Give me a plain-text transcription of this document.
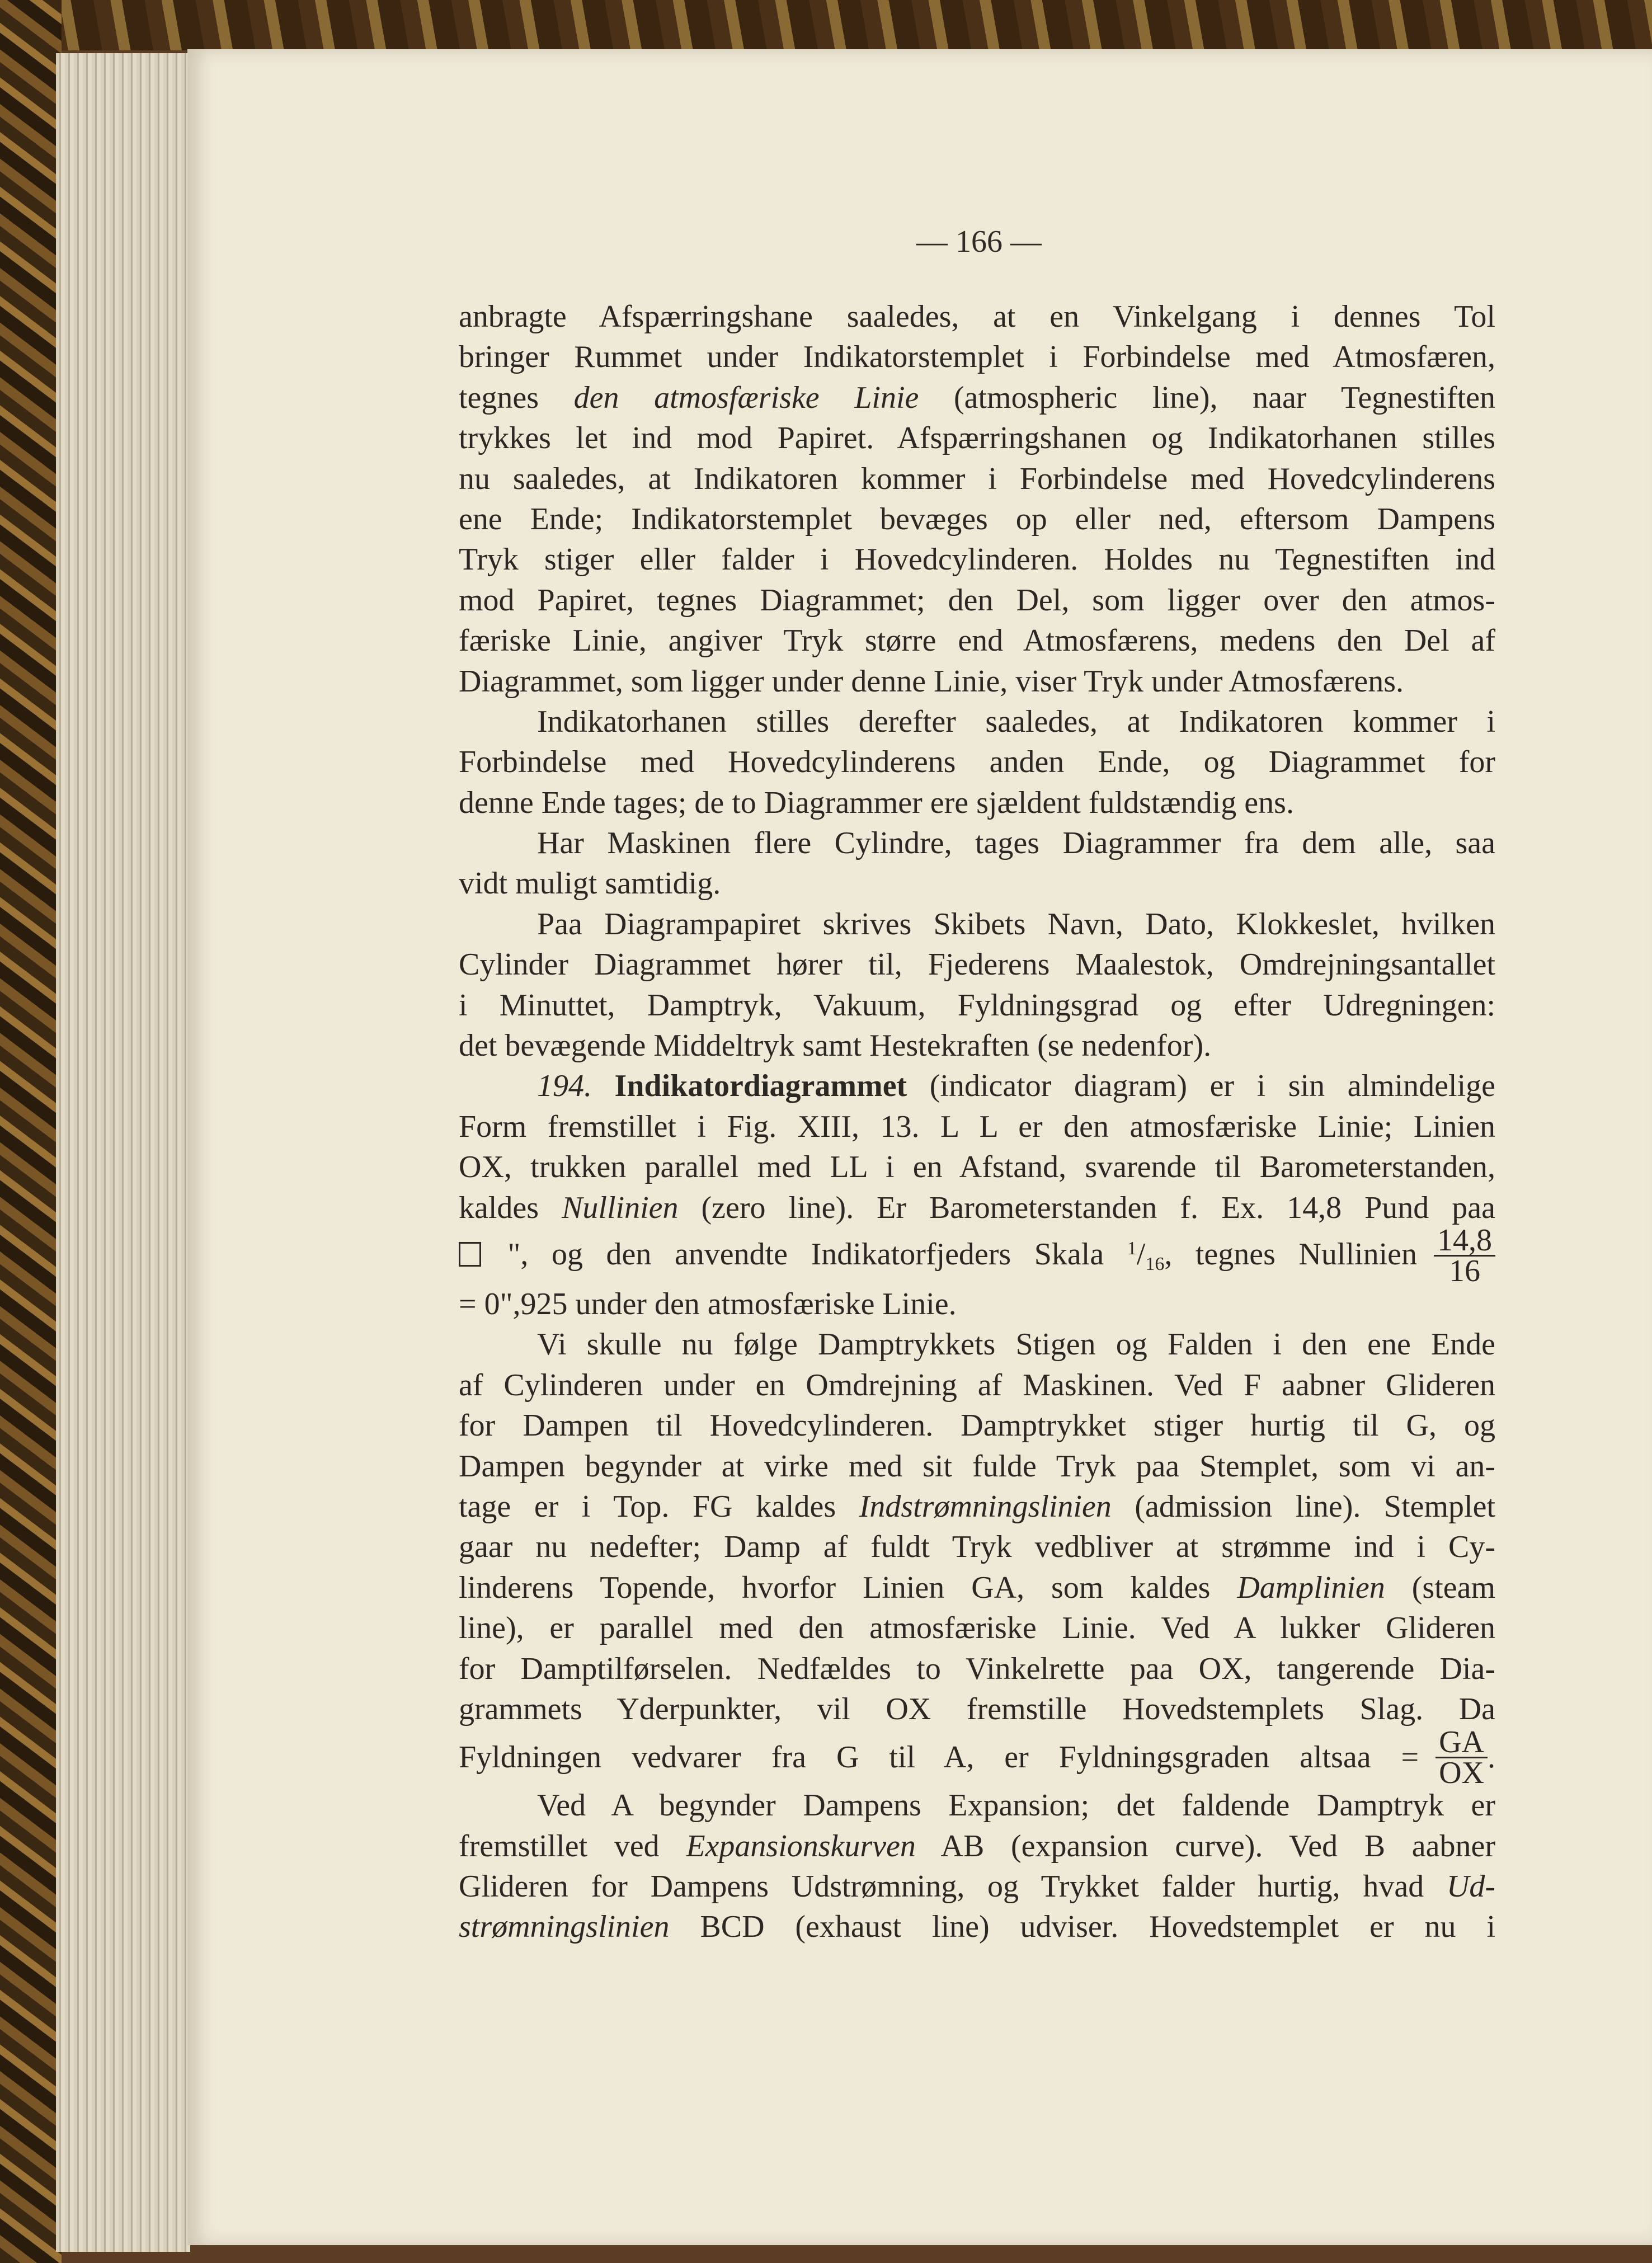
— 166 —
anbragte Afspærringshane saaledes, at en Vinkelgang i dennes Tol
bringer Rummet under Indikatorstemplet i Forbindelse med Atmosfæren,
tegnes den atmosfæriske Linie (atmospheric line), naar Tegnestiften
trykkes let ind mod Papiret. Afspærringshanen og Indikatorhanen stilles
nu saaledes, at Indikatoren kommer i Forbindelse med Hovedcylinderens
ene Ende; Indikatorstemplet bevæges op eller ned, eftersom Dampens
Tryk stiger eller falder i Hovedcylinderen. Holdes nu Tegnestiften ind
mod Papiret, tegnes Diagrammet; den Del, som ligger over den atmos-
færiske Linie, angiver Tryk større end Atmosfærens, medens den Del af
Diagrammet, som ligger under denne Linie, viser Tryk under Atmosfærens.
Indikatorhanen stilles derefter saaledes, at Indikatoren kommer i
Forbindelse med Hovedcylinderens anden Ende, og Diagrammet for
denne Ende tages; de to Diagrammer ere sjældent fuldstændig ens.
Har Maskinen flere Cylindre, tages Diagrammer fra dem alle, saa
vidt muligt samtidig.
Paa Diagrampapiret skrives Skibets Navn, Dato, Klokkeslet, hvilken
Cylinder Diagrammet hører til, Fjederens Maalestok, Omdrejningsantallet
i Minuttet, Damptryk, Vakuum, Fyldningsgrad og efter Udregningen:
det bevægende Middeltryk samt Hestekraften (se nedenfor).
194. Indikatordiagrammet (indicator diagram) er i sin almindelige
Form fremstillet i Fig. XIII, 13. L L er den atmosfæriske Linie; Linien
OX, trukken parallel med LL i en Afstand, svarende til Barometerstanden,
kaldes Nullinien (zero line). Er Barometerstanden f. Ex. 14,8 Pund paa
", og den anvendte Indikatorfjeders Skala $^1/_{16}$, tegnes Nullinien $\frac{14,8}{16}$
= 0",925 under den atmosfæriske Linie.
Vi skulle nu følge Damptrykkets Stigen og Falden i den ene Ende
af Cylinderen under en Omdrejning af Maskinen. Ved F aabner Glideren
for Dampen til Hovedcylinderen. Damptrykket stiger hurtig til G, og
Dampen begynder at virke med sit fulde Tryk paa Stemplet, som vi an-
tage er i Top. FG kaldes Indstrømningslinien (admission line). Stemplet
gaar nu nedefter; Damp af fuldt Tryk vedbliver at strømme ind i Cy-
linderens Topende, hvorfor Linien GA, som kaldes Damplinien (steam
line), er parallel med den atmosfæriske Linie. Ved A lukker Glideren
for Damptilførselen. Nedfældes to Vinkelrette paa OX, tangerende Dia-
grammets Yderpunkter, vil OX fremstille Hovedstemplets Slag. Da
Fyldningen vedvarer fra G til A, er Fyldningsgraden altsaa = $\frac{GA}{OX}$ .
Ved A begynder Dampens Expansion; det faldende Damptryk er
fremstillet ved Expansionskurven AB (expansion curve). Ved B aabner
Glideren for Dampens Udstrømning, og Trykket falder hurtig, hvad Ud-
strømningslinien BCD (exhaust line) udviser. Hovedstemplet er nu i
